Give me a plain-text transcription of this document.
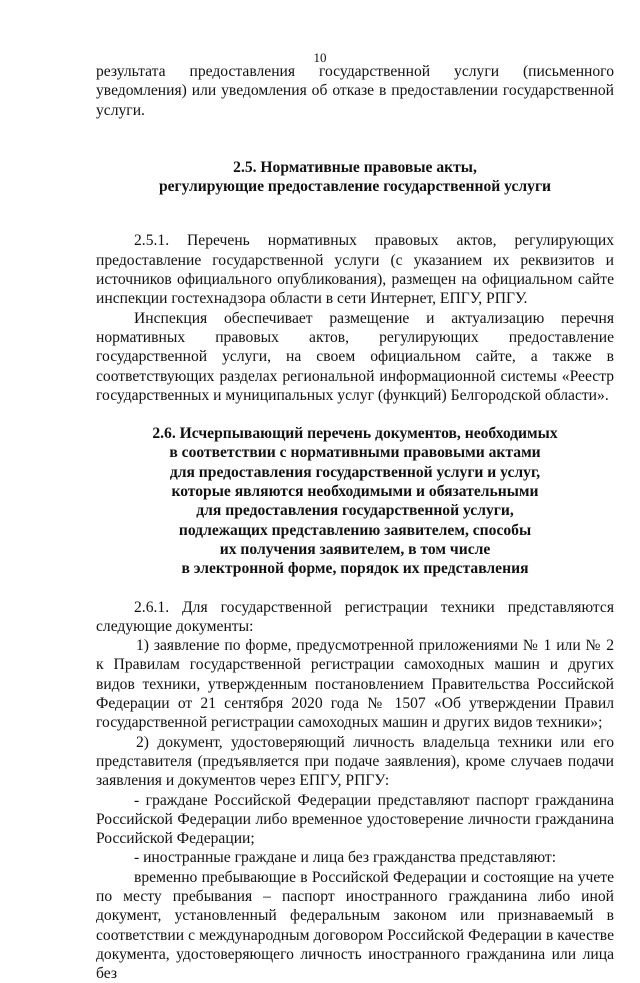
10

результата предоставления государственной услуги (письменного уведомления) или уведомления об отказе в предоставлении государственной услуги.

2.5. Нормативные правовые акты,

регулирующие предоставление государственной услуги

2.5.1. Перечень нормативных правовых актов, регулирующих предоставление государственной услуги (с указанием их реквизитов и источников официального опубликования), размещен на официальном сайте инспекции гостехнадзора области в сети Интернет, ЕПГУ, РПГУ.

Инспекция обеспечивает размещение и актуализацию перечня нормативных правовых актов, регулирующих предоставление государственной услуги, на своем официальном сайте, а также в соответствующих разделах региональной информационной системы «Реестр государственных и муниципальных услуг (функций) Белгородской области».

2.6. Исчерпывающий перечень документов, необходимых

в соответствии с нормативными правовыми актами

для предоставления государственной услуги и услуг,

которые являются необходимыми и обязательными

для предоставления государственной услуги,

подлежащих представлению заявителем, способы

их получения заявителем, в том числе

в электронной форме, порядок их представления

2.6.1. Для государственной регистрации техники представляются следующие документы:

1) заявление по форме, предусмотренной приложениями № 1 или № 2 к Правилам государственной регистрации самоходных машин и других видов техники, утвержденным постановлением Правительства Российской Федерации от 21 сентября 2020 года № 1507 «Об утверждении Правил государственной регистрации самоходных машин и других видов техники»;

2) документ, удостоверяющий личность владельца техники или его представителя (предъявляется при подаче заявления), кроме случаев подачи заявления и документов через ЕПГУ, РПГУ:

- граждане Российской Федерации представляют паспорт гражданина Российской Федерации либо временное удостоверение личности гражданина Российской Федерации;

- иностранные граждане и лица без гражданства представляют:

временно пребывающие в Российской Федерации и состоящие на учете по месту пребывания – паспорт иностранного гражданина либо иной документ, установленный федеральным законом или признаваемый в соответствии с международным договором Российской Федерации в качестве документа, удостоверяющего личность иностранного гражданина или лица без
